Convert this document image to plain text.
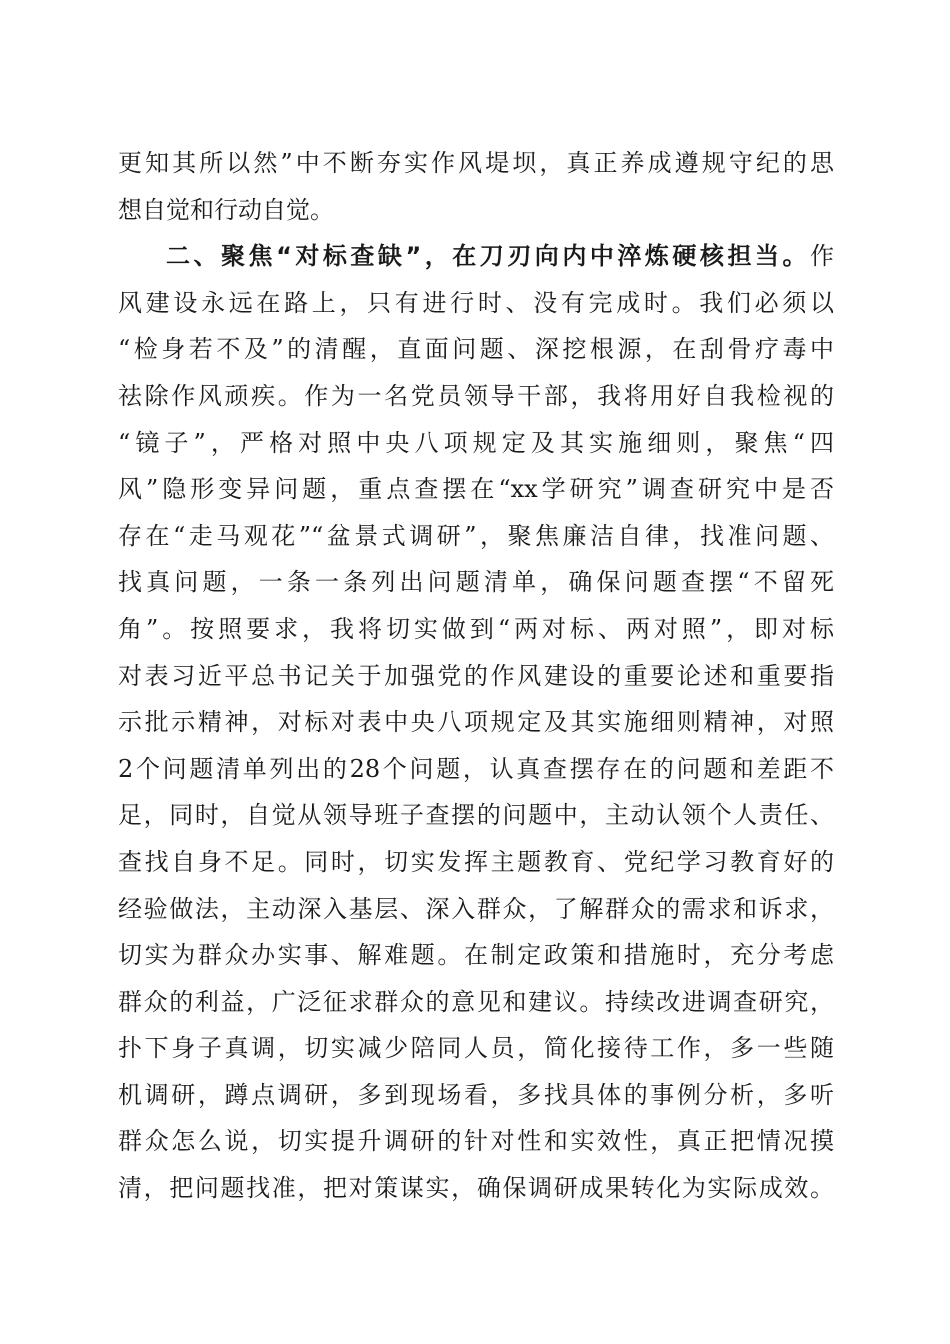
更知其所以然”中不断夯实作风堤坝，真正养成遵规守纪的思
想自觉和行动自觉。
二、聚焦“对标查缺”，在刀刃向内中淬炼硬核担当。作
风建设永远在路上，只有进行时、没有完成时。我们必须以
“检身若不及”的清醒，直面问题、深挖根源，在刮骨疗毒中
祛除作风顽疾。作为一名党员领导干部，我将用好自我检视的
“镜子”，严格对照中央八项规定及其实施细则，聚焦“四
风”隐形变异问题，重点查摆在“xx学研究”调查研究中是否
存在“走马观花”“盆景式调研”，聚焦廉洁自律，找准问题、
找真问题，一条一条列出问题清单，确保问题查摆“不留死
角”。按照要求，我将切实做到“两对标、两对照”，即对标
对表习近平总书记关于加强党的作风建设的重要论述和重要指
示批示精神，对标对表中央八项规定及其实施细则精神，对照
2个问题清单列出的28个问题，认真查摆存在的问题和差距不
足，同时，自觉从领导班子查摆的问题中，主动认领个人责任、
查找自身不足。同时，切实发挥主题教育、党纪学习教育好的
经验做法，主动深入基层、深入群众，了解群众的需求和诉求，
切实为群众办实事、解难题。在制定政策和措施时，充分考虑
群众的利益，广泛征求群众的意见和建议。持续改进调查研究，
扑下身子真调，切实减少陪同人员，简化接待工作，多一些随
机调研，蹲点调研，多到现场看，多找具体的事例分析，多听
群众怎么说，切实提升调研的针对性和实效性，真正把情况摸
清，把问题找准，把对策谋实，确保调研成果转化为实际成效。
